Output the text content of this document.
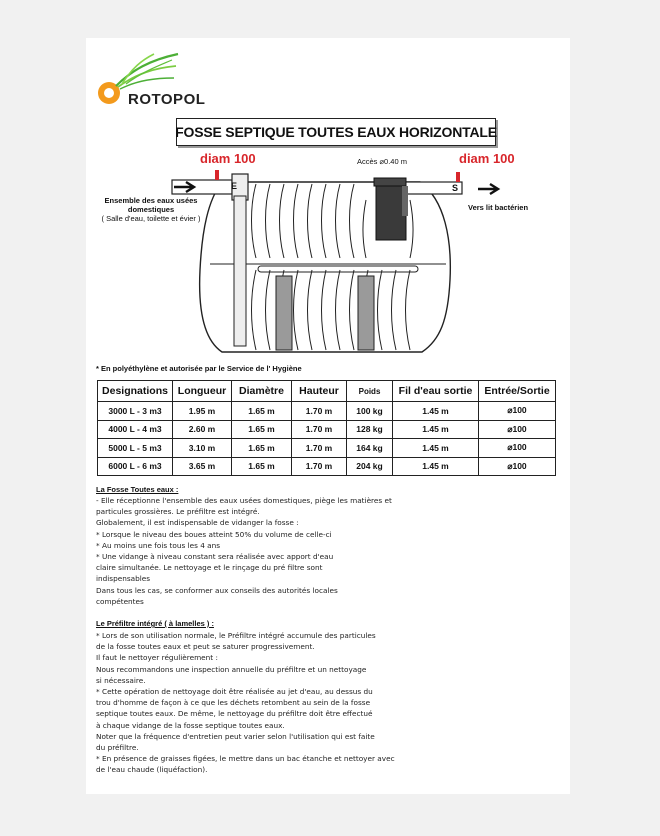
ROTOPOL
FOSSE SEPTIQUE TOUTES EAUX HORIZONTALE
diam 100	diam 100
Accès ⌀0.40 m
Ensemble des eaux usées
domestiques
( Salle d'eau, toilette et évier )
Vers lit bactérien
E	S
* En polyéthylène et autorisée par le Service de l' Hygiène
Designations	Longueur	Diamètre	Hauteur	Poids	Fil d'eau sortie	Entrée/Sortie
3000 L - 3 m3	1.95 m	1.65 m	1.70 m	100 kg	1.45 m	⌀100
4000 L - 4 m3	2.60 m	1.65 m	1.70 m	128 kg	1.45 m	⌀100
5000 L - 5 m3	3.10 m	1.65 m	1.70 m	164 kg	1.45 m	⌀100
6000 L - 6 m3	3.65 m	1.65 m	1.70 m	204 kg	1.45 m	⌀100
La Fosse Toutes eaux :
- Elle réceptionne l'ensemble des eaux usées domestiques, piège les matières et
particules grossières. Le préfiltre est intégré.
Globalement, il est indispensable de vidanger la fosse :
* Lorsque le niveau des boues atteint 50% du volume de celle-ci
* Au moins une fois tous les 4 ans
* Une vidange à niveau constant sera réalisée avec apport d'eau
claire simultanée. Le nettoyage et le rinçage du pré filtre sont
indispensables
Dans tous les cas, se conformer aux conseils des autorités locales
compétentes
Le Préfiltre intégré ( à lamelles ) :
* Lors de son utilisation normale, le Préfiltre intégré accumule des particules
de la fosse toutes eaux et peut se saturer progressivement.
Il faut le nettoyer régulièrement :
Nous recommandons une inspection annuelle du préfiltre et un nettoyage
si nécessaire.
* Cette opération de nettoyage doit être réalisée au jet d'eau, au dessus du
trou d'homme de façon à ce que les déchets retombent au sein de la fosse
septique toutes eaux. De même, le nettoyage du préfiltre doit être effectué
à chaque vidange de la fosse septique toutes eaux.
Noter que la fréquence d'entretien peut varier selon l'utilisation qui est faite
du préfiltre.
* En présence de graisses figées, le mettre dans un bac étanche et nettoyer avec
de l'eau chaude (liquéfaction).
